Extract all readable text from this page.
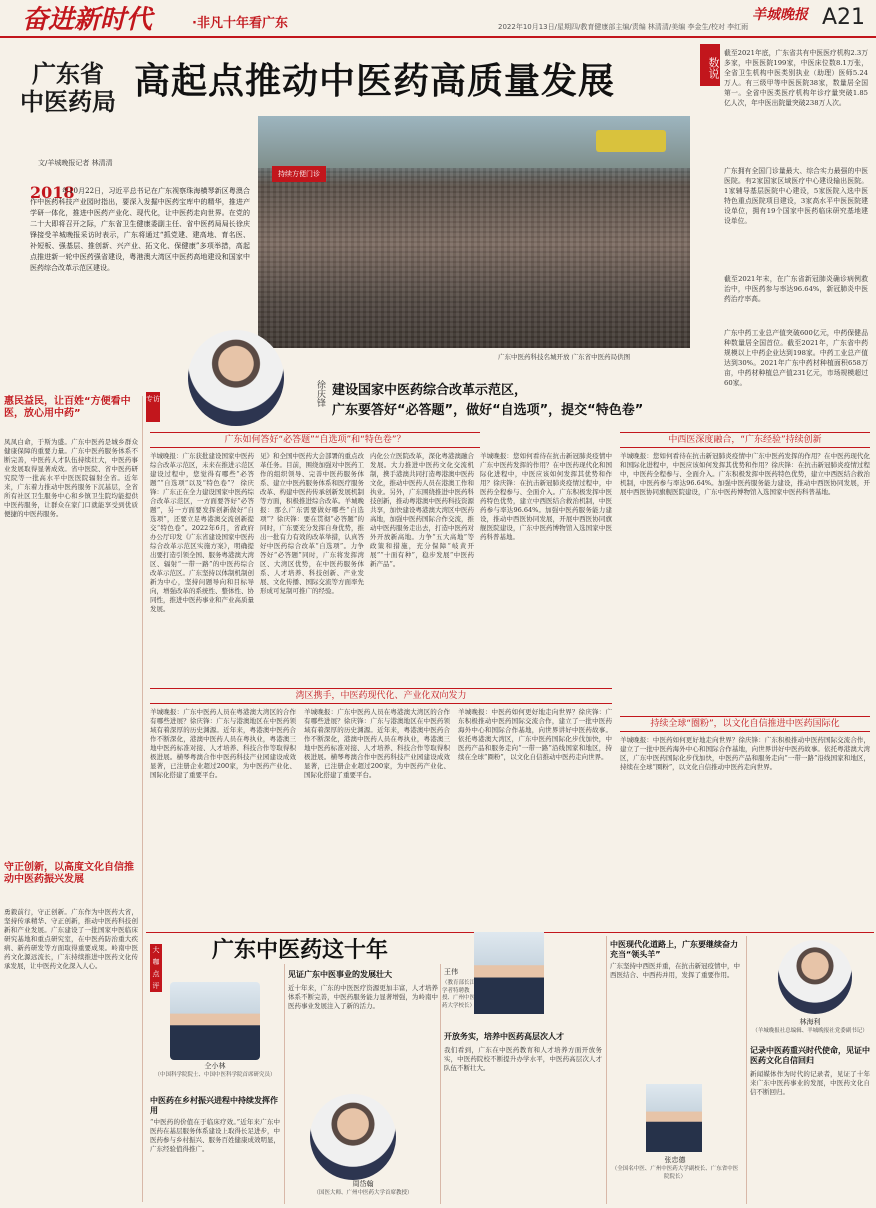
奋进新时代	·非凡十年看广东	2022年10月13日/星期四/教育健康部主编/责编 林清清/美编 李金生/校对 李红雨
羊城晚报 A21
广东省
中医药局 高起点推动中医药高质量发展
文/羊城晚报记者 林清清
2018
年10月22日，习近平总书记在广东视察珠海横琴新区粤澳合作中医药科技产业园时指出，要深入发掘中医药宝库中的精华，推进产学研一体化，推进中医药产业化、现代化，让中医药走向世界。在党的二十大即将召开之际，广东省卫生健康委副主任、省中医药局局长徐庆锋接受羊城晚报采访时表示，广东将通过“抓党建、建高地、育名医、补短板、强基层、推创新、兴产业、拓文化、保健康”多项举措，高起点推进新一轮中医药强省建设，粤港澳大湾区中医药高地建设和国家中医药综合改革示范区建设。
持续方便门诊
广东中医药科技名城开放 广东省中医药局供图
数说
截至2021年底，广东省共有中医医疗机构2.3万多家，中医医院199家，中医床位数8.1万张，全省卫生机构中医类别执业（助理）医师5.24万人。有三级甲等中医医院38家，数量居全国第一。全省中医类医疗机构年诊疗量突破1.85亿人次，年中医出院量突破238万人次。
广东拥有全国门诊量最大、综合实力最强的中医医院。有2家国家区域医疗中心建设输出医院。1家辅导基层医院中心建设，5家医院入选中医特色重点医院项目建设，3家高水平中医医院建设单位，拥有19个国家中医药临床研究基地建设单位。
截至2021年末，在广东省新冠肺炎确诊病例救治中，中医药参与率达96.64%，新冠肺炎中医药治疗率高。
广东中药工业总产值突破600亿元，中药保健品种数量居全国首位。截至2021年，广东省中药规模以上中药企业达到198家。中药工业总产值达到30%。2021年广东中药材种植面积658万亩，中药材种植总产值231亿元，市场规模超过60家。
专访	徐庆锋 建设国家中医药综合改革示范区，
广东要答好“必答题”，做好“自选项”，提交“特色卷”
惠民益民，让百姓“方便看中医，放心用中药”
凤凤白命，于斯为盛。广东中医药是城乡群众健康保障的重要力量。广东中医药服务体系不断完善，中医药人才队伍持续壮大，中医药事业发展取得显著成效。省中医院、省中医药研究院等一批高水平中医医院辐射全省。近年来，广东着力推动中医药服务下沉基层，全省所有社区卫生服务中心和乡镇卫生院均能提供中医药服务，让群众在家门口就能享受到优质便捷的中医药服务。
守正创新，以高度文化自信推动中医药振兴发展
勇毅前行，守正创新。广东作为中医药大省，坚持传承精华、守正创新，推动中医药科技创新和产业发展。广东建设了一批国家中医临床研究基地和重点研究室，在中医药防治重大疾病、新药研发等方面取得重要成果。岭南中医药文化源远流长，广东持续推进中医药文化传承发展，让中医药文化深入人心。
广东如何答好“必答题”“自选项”和“特色卷”？	中西医深度融合，“广东经验”持续创新
羊城晚报：广东获批建设国家中医药综合改革示范区，未来在推进示范区建设过程中，您觉得有哪些“必答题”“自选项”以及“特色卷”？ 徐庆锋：广东正在全力建设国家中医药综合改革示范区，一方面要答好“必答题”，另一方面要发挥创新做好“自选项”，还要立足粤港澳交流创新提交“特色卷”。2022年6月，省政府办公厅印发《广东省建设国家中医药综合改革示范区实施方案》，明确提出要打造引领全国、服务粤港澳大湾区、辐射“一带一路”的中医药综合改革示范区。广东坚持以体制机制创新为中心，坚持问题导向和目标导向，增强改革的系统性、整体性、协同性，推进中医药事业和产业高质量发展。
见》和全国中医药大会部署的重点改革任务。目前，围绕加强对中医药工作的组织领导、完善中医药服务体系、建立中医药服务体系和医疗服务改革、构建中医药传承创新发展机制等方面，积极推进综合改革。羊城晚报：那么广东需要做好哪些“自选项”？徐庆锋：要在贯彻“必答题”的同时，广东要充分发挥自身优势，推出一批有力有效的改革举措，认真答好中医药综合改革“自选项”。力争答好“必答题”同时，广东将发挥湾区、大湾区优势，在中医药服务体系、人才培养、科技创新、产业发展、文化传播、国际交流等方面率先形成可复制可推广的经验。
内化公立医院改革，深化粤港澳融合发展。大力推进中医药文化交流机制，携手港澳共同打造粤港澳中医药文化，推动中医药人员在港澳工作和执业。另外，广东围绕推进中医药科技创新，推动粤港澳中医药科技资源共享，加快建设粤港澳大湾区中医药高地，加强中医药国际合作交流，推动中医药服务走出去，打造中医药对外开放新高地。力争“五大高地”等政策和措施，充分保障“岐黄开展”“十面有种”，稳步发展“中医药新产品”。
羊城晚报：您如何看待在抗击新冠肺炎疫情中广东中医药发挥的作用？在中医药现代化和国际化进程中，中医应该如何发挥其优势和作用？徐庆锋：在抗击新冠肺炎疫情过程中，中医药全程参与、全面介入。广东积极发挥中医药特色优势，建立中西医结合救治机制，中医药参与率达96.64%。加强中医药服务能力建设，推动中西医协同发展，开展中西医协同旗舰医院建设，广东中医药博物馆入选国家中医药科普基地。
羊城晚报：您如何看待在抗击新冠肺炎疫情中广东中医药发挥的作用？在中医药现代化和国际化进程中，中医应该如何发挥其优势和作用？徐庆锋：在抗击新冠肺炎疫情过程中，中医药全程参与、全面介入。广东积极发挥中医药特色优势，建立中西医结合救治机制，中医药参与率达96.64%。加强中医药服务能力建设，推动中西医协同发展，开展中西医协同旗舰医院建设，广东中医药博物馆入选国家中医药科普基地。
湾区携手，中医药现代化、产业化双向发力
羊城晚报：广东中医药人员在粤港澳大湾区的合作有哪些进展？徐庆锋：广东与港澳地区在中医药领域有着深厚的历史渊源。近年来，粤港澳中医药合作不断深化，港澳中医药人员在粤执业，粤港澳三地中医药标准对接、人才培养、科技合作等取得积极进展。横琴粤澳合作中医药科技产业园建设成效显著，已注册企业超过200家，为中医药产业化、国际化搭建了重要平台。
羊城晚报：广东中医药人员在粤港澳大湾区的合作有哪些进展？徐庆锋：广东与港澳地区在中医药领域有着深厚的历史渊源。近年来，粤港澳中医药合作不断深化，港澳中医药人员在粤执业，粤港澳三地中医药标准对接、人才培养、科技合作等取得积极进展。横琴粤澳合作中医药科技产业园建设成效显著，已注册企业超过200家，为中医药产业化、国际化搭建了重要平台。
羊城晚报：中医药如何更好地走向世界？徐庆锋：广东积极推动中医药国际交流合作，建立了一批中医药海外中心和国际合作基地，向世界讲好中医药故事。依托粤港澳大湾区，广东中医药国际化步伐加快，中医药产品和服务走向“一带一路”沿线国家和地区，持续在全球“圈粉”，以文化自信推动中医药走向世界。
持续全球“圈粉”，以文化自信推进中医药国际化
羊城晚报：中医药如何更好地走向世界？徐庆锋：广东积极推动中医药国际交流合作，建立了一批中医药海外中心和国际合作基地，向世界讲好中医药故事。依托粤港澳大湾区，广东中医药国际化步伐加快，中医药产品和服务走向“一带一路”沿线国家和地区，持续在全球“圈粉”，以文化自信推动中医药走向世界。
大咖点评
广东中医药这十年
仝小林
（中国科学院院士、中国中医科学院首席研究员）
中医药在乡村振兴进程中持续发挥作用
“中医药的价值在于临床疗效。”近年来广东中医药在基层服务体系建设上取得长足进步，中医药参与乡村振兴、服务百姓健康成效明显，广东经验值得推广。
见证广东中医事业的发展壮大
近十年来，广东的中医医疗资源更加丰富，人才培养体系不断完善，中医药服务能力显著增强，为岭南中医药事业发展注入了新的活力。
周岱翰
（国医大师、广州中医药大学首席教授）
王伟
（教育部长江学者特聘教授、广州中医药大学校长）
开放务实，培养中医药高层次人才
我们看到，广东在中医药教育和人才培养方面开放务实，中医药院校不断提升办学水平，中医药高层次人才队伍不断壮大。
中医现代化道路上，广东要继续奋力充当“领头羊”
广东坚持中西医并重，在抗击新冠疫情中，中西医结合、中西药并用，发挥了重要作用。
张忠德
（全国名中医、广州中医药大学副校长、广东省中医院院长）
林海利
（羊城晚报社总编辑、羊城晚报社党委副书记）
记录中医药重兴时代使命，见证中医药文化自信回归
新闻媒体作为时代的记录者，见证了十年来广东中医药事业的发展，中医药文化自信不断回归。
